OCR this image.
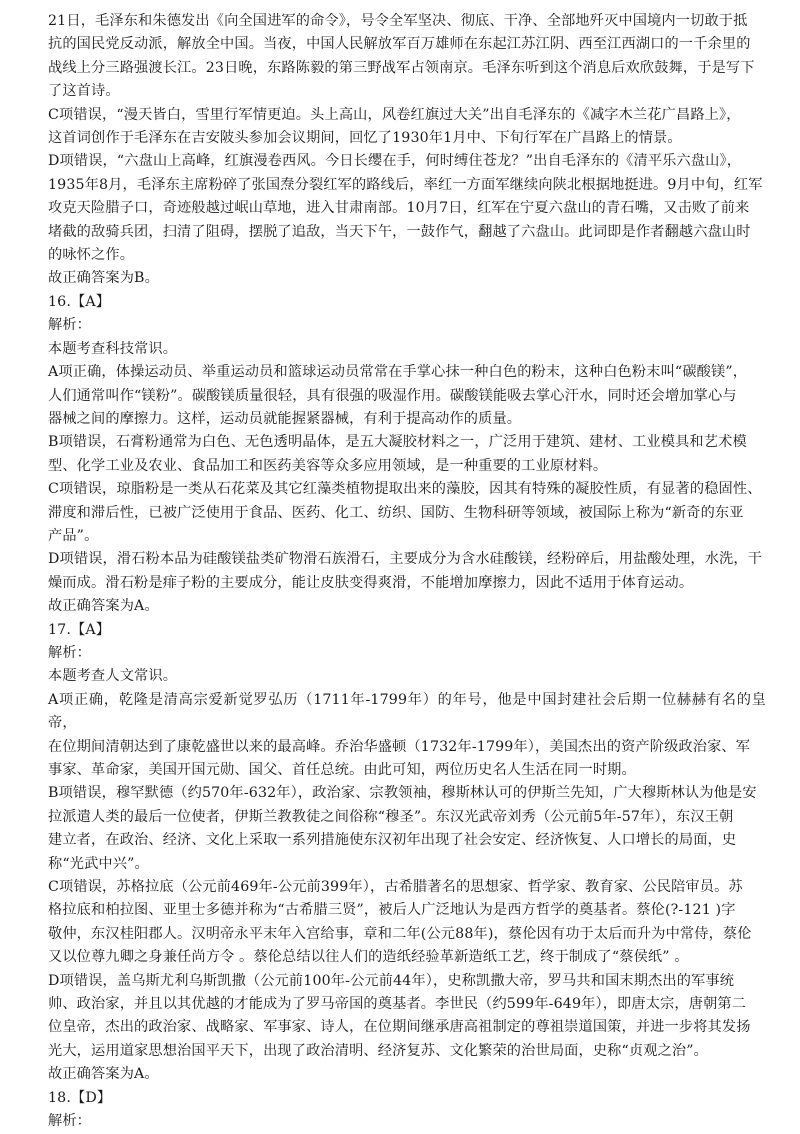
21日，毛泽东和朱德发出《向全国进军的命令》，号令全军坚决、彻底、干净、全部地歼灭中国境内一切敢于抵

抗的国民党反动派，解放全中国。当夜，中国人民解放军百万雄师在东起江苏江阴、西至江西湖口的一千余里的

战线上分三路强渡长江。23日晚，东路陈毅的第三野战军占领南京。毛泽东听到这个消息后欢欣鼓舞，于是写下

了这首诗。

C项错误，“漫天皆白，雪里行军情更迫。头上高山，风卷红旗过大关”出自毛泽东的《减字木兰花广昌路上》，

这首词创作于毛泽东在吉安陂头参加会议期间，回忆了1930年1月中、下旬行军在广昌路上的情景。

D项错误，“六盘山上高峰，红旗漫卷西风。今日长缨在手，何时缚住苍龙？”出自毛泽东的《清平乐六盘山》，

1935年8月，毛泽东主席粉碎了张国焘分裂红军的路线后，率红一方面军继续向陕北根据地挺进。9月中旬，红军

攻克天险腊子口，奇迹般越过岷山草地，进入甘肃南部。10月7日，红军在宁夏六盘山的青石嘴，又击败了前来

堵截的敌骑兵团，扫清了阻碍，摆脱了追敌，当天下午，一鼓作气，翻越了六盘山。此词即是作者翻越六盘山时

的咏怀之作。

故正确答案为B。

16.【A】

解析：

本题考查科技常识。

A项正确，体操运动员、举重运动员和篮球运动员常常在手掌心抹一种白色的粉末，这种白色粉末叫“碳酸镁”，

人们通常叫作“镁粉”。碳酸镁质量很轻，具有很强的吸湿作用。碳酸镁能吸去掌心汗水，同时还会增加掌心与

器械之间的摩擦力。这样，运动员就能握紧器械，有利于提高动作的质量。

B项错误，石膏粉通常为白色、无色透明晶体，是五大凝胶材料之一，广泛用于建筑、建材、工业模具和艺术模

型、化学工业及农业、食品加工和医药美容等众多应用领域，是一种重要的工业原材料。

C项错误，琼脂粉是一类从石花菜及其它红藻类植物提取出来的藻胶，因其有特殊的凝胶性质，有显著的稳固性、

滞度和滞后性，已被广泛使用于食品、医药、化工、纺织、国防、生物科研等领域，被国际上称为“新奇的东亚

产品”。

D项错误，滑石粉本品为硅酸镁盐类矿物滑石族滑石，主要成分为含水硅酸镁，经粉碎后，用盐酸处理，水洗，干

燥而成。滑石粉是痱子粉的主要成分，能让皮肤变得爽滑，不能增加摩擦力，因此不适用于体育运动。

故正确答案为A。

17.【A】

解析：

本题考查人文常识。

A项正确，乾隆是清高宗爱新觉罗弘历（1711年-1799年）的年号，他是中国封建社会后期一位赫赫有名的皇帝，

在位期间清朝达到了康乾盛世以来的最高峰。乔治华盛顿（1732年-1799年），美国杰出的资产阶级政治家、军

事家、革命家，美国开国元勋、国父、首任总统。由此可知，两位历史名人生活在同一时期。

B项错误，穆罕默德（约570年-632年），政治家、宗教领袖，穆斯林认可的伊斯兰先知，广大穆斯林认为他是安

拉派遣人类的最后一位使者，伊斯兰教教徒之间俗称“穆圣”。东汉光武帝刘秀（公元前5年-57年），东汉王朝

建立者，在政治、经济、文化上采取一系列措施使东汉初年出现了社会安定、经济恢复、人口增长的局面，史

称“光武中兴”。

C项错误，苏格拉底（公元前469年-公元前399年），古希腊著名的思想家、哲学家、教育家、公民陪审员。苏

格拉底和柏拉图、亚里士多德并称为“古希腊三贤”，被后人广泛地认为是西方哲学的奠基者。蔡伦(?-121 )字

敬仲，东汉桂阳郡人。汉明帝永平末年入宫给事，章和二年(公元88年)，蔡伦因有功于太后而升为中常侍，蔡伦

又以位尊九卿之身兼任尚方令 。蔡伦总结以往人们的造纸经验革新造纸工艺，终于制成了“蔡侯纸” 。

D项错误，盖乌斯尤利乌斯凯撒（公元前100年-公元前44年），史称凯撒大帝，罗马共和国末期杰出的军事统

帅、政治家，并且以其优越的才能成为了罗马帝国的奠基者。李世民（约599年-649年），即唐太宗，唐朝第二

位皇帝，杰出的政治家、战略家、军事家、诗人，在位期间继承唐高祖制定的尊祖崇道国策，并进一步将其发扬

光大，运用道家思想治国平天下，出现了政治清明、经济复苏、文化繁荣的治世局面，史称“贞观之治”。

故正确答案为A。

18.【D】

解析：
